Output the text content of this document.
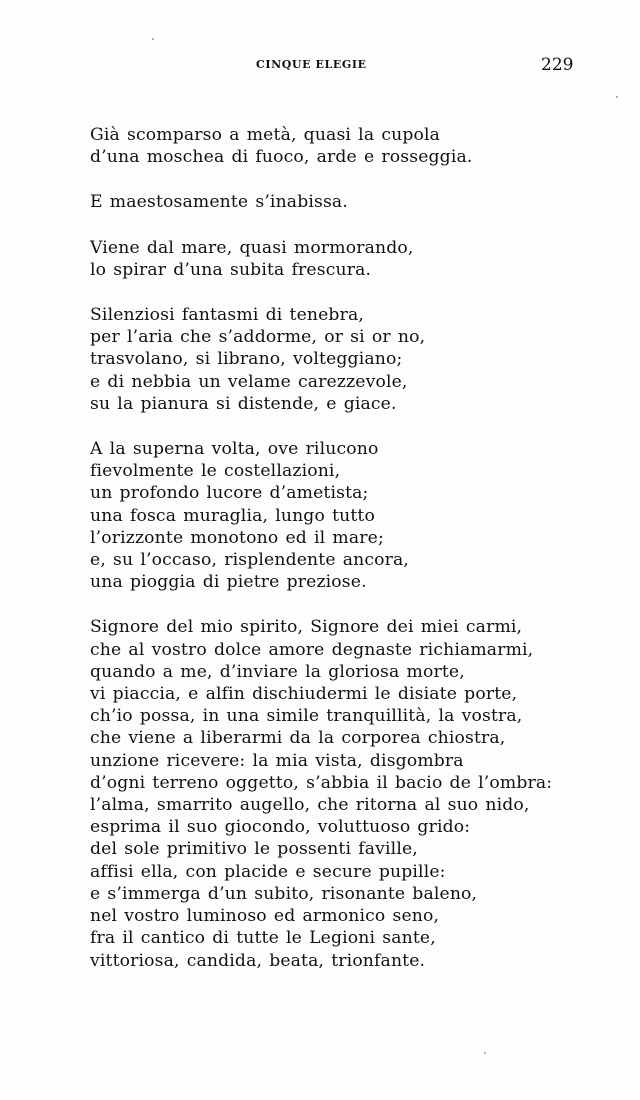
CINQUE ELEGIE	229
Già scomparso a metà, quasi la cupola
d’una moschea di fuoco, arde e rosseggia.
E maestosamente s’inabissa.
Viene dal mare, quasi mormorando,
lo spirar d’una subita frescura.
Silenziosi fantasmi di tenebra,
per l’aria che s’addorme, or si or no,
trasvolano, si librano, volteggiano;
e di nebbia un velame carezzevole,
su la pianura si distende, e giace.
A la superna volta, ove rilucono
fievolmente le costellazioni,
un profondo lucore d’ametista;
una fosca muraglia, lungo tutto
l’orizzonte monotono ed il mare;
e, su l’occaso, risplendente ancora,
una pioggia di pietre preziose.
Signore del mio spirito, Signore dei miei carmi,
che al vostro dolce amore degnaste richiamarmi,
quando a me, d’inviare la gloriosa morte,
vi piaccia, e alfin dischiudermi le disiate porte,
ch’io possa, in una simile tranquillità, la vostra,
che viene a liberarmi da la corporea chiostra,
unzione ricevere: la mia vista, disgombra
d’ogni terreno oggetto, s’abbia il bacio de l’ombra:
l’alma, smarrito augello, che ritorna al suo nido,
esprima il suo giocondo, voluttuoso grido:
del sole primitivo le possenti faville,
affisi ella, con placide e secure pupille:
e s’immerga d’un subito, risonante baleno,
nel vostro luminoso ed armonico seno,
fra il cantico di tutte le Legioni sante,
vittoriosa, candida, beata, trionfante.
